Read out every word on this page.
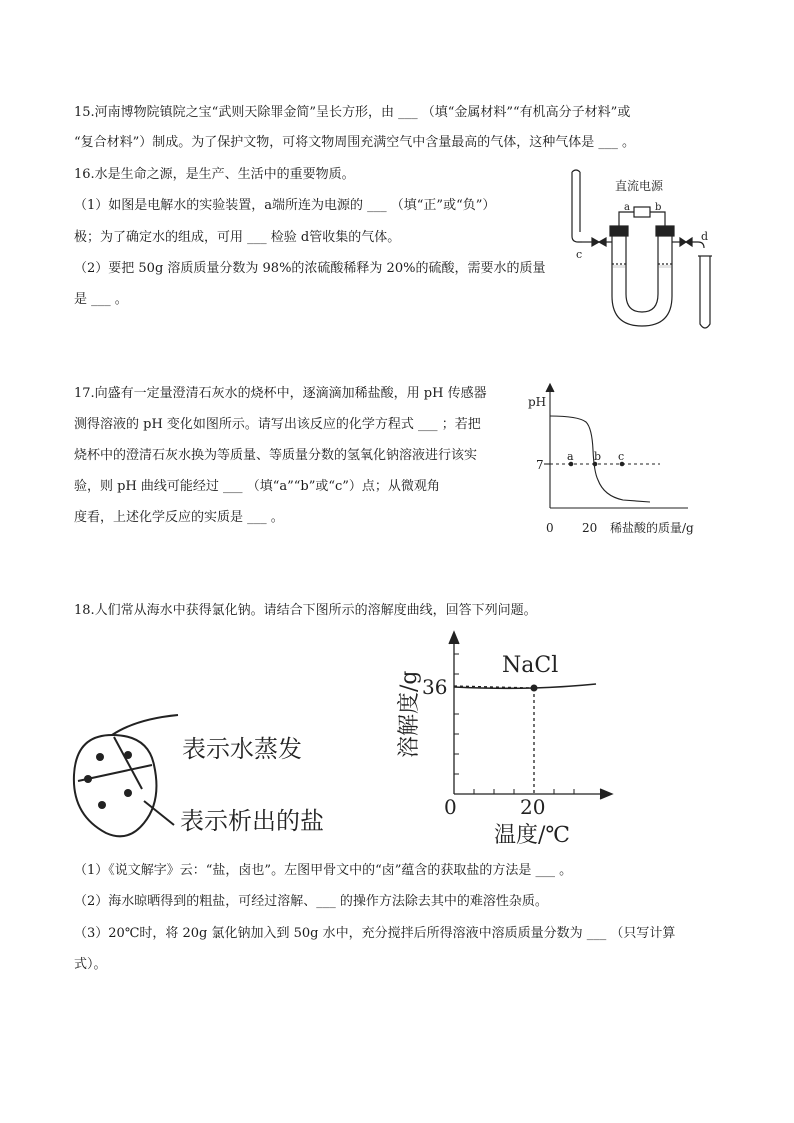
15.河南博物院镇院之宝“武则天除罪金简”呈长方形，由 ___ （填“金属材料”“有机高分子材料”或
“复合材料”）制成。为了保护文物，可将文物周围充满空气中含量最高的气体，这种气体是 ___ 。
16.水是生命之源，是生产、生活中的重要物质。
（1）如图是电解水的实验装置，a端所连为电源的 ___ （填“正”或“负”）
极；为了确定水的组成，可用 ___ 检验 d管收集的气体。
（2）要把 50g 溶质质量分数为 98%的浓硫酸稀释为 20%的硫酸，需要水的质量
是 ___ 。
直流电源
a	b
c
d
17.向盛有一定量澄清石灰水的烧杯中，逐滴滴加稀盐酸，用 pH 传感器
测得溶液的 pH 变化如图所示。请写出该反应的化学方程式 ___ ；若把
烧杯中的澄清石灰水换为等质量、等质量分数的氢氧化钠溶液进行该实
验，则 pH 曲线可能经过 ___ （填“a”“b”或“c”）点；从微观角
度看，上述化学反应的实质是 ___ 。
pH
7
a b c
0 20 稀盐酸的质量/g
18.人们常从海水中获得氯化钠。请结合下图所示的溶解度曲线，回答下列问题。
表示水蒸发
表示析出的盐
NaCl
36
0	20
温度/℃
溶解度/g
（1）《说文解字》云：“盐，卤也”。左图甲骨文中的“卤”蕴含的获取盐的方法是 ___ 。
（2）海水晾晒得到的粗盐，可经过溶解、___ 的操作方法除去其中的难溶性杂质。
（3）20℃时，将 20g 氯化钠加入到 50g 水中，充分搅拌后所得溶液中溶质质量分数为 ___ （只写计算
式）。
